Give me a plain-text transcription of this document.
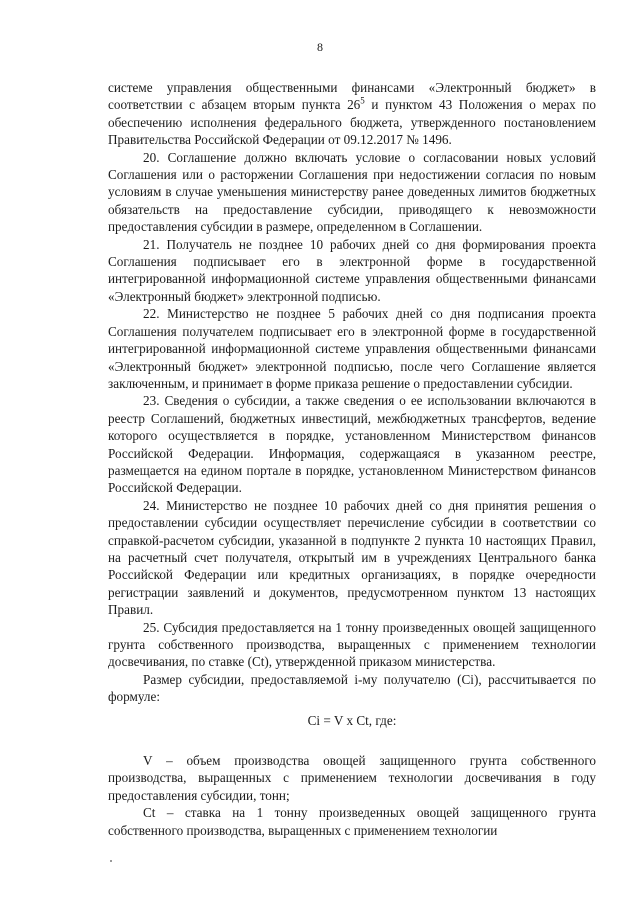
8

системе управления общественными финансами «Электронный бюджет» в соответствии с абзацем вторым пункта $26^5$ и пунктом 43 Положения о мерах по обеспечению исполнения федерального бюджета, утвержденного постановлением Правительства Российской Федерации от 09.12.2017 № 1496.

20. Соглашение должно включать условие о согласовании новых условий Соглашения или о расторжении Соглашения при недостижении согласия по новым условиям в случае уменьшения министерству ранее доведенных лимитов бюджетных обязательств на предоставление субсидии, приводящего к невозможности предоставления субсидии в размере, определенном в Соглашении.

21. Получатель не позднее 10 рабочих дней со дня формирования проекта Соглашения подписывает его в электронной форме в государственной интегрированной информационной системе управления общественными финансами «Электронный бюджет» электронной подписью.

22. Министерство не позднее 5 рабочих дней со дня подписания проекта Соглашения получателем подписывает его в электронной форме в государственной интегрированной информационной системе управления общественными финансами «Электронный бюджет» электронной подписью, после чего Соглашение является заключенным, и принимает в форме приказа решение о предоставлении субсидии.

23. Сведения о субсидии, а также сведения о ее использовании включаются в реестр Соглашений, бюджетных инвестиций, межбюджетных трансфертов, ведение которого осуществляется в порядке, установленном Министерством финансов Российской Федерации. Информация, содержащаяся в указанном реестре, размещается на едином портале в порядке, установленном Министерством финансов Российской Федерации.

24. Министерство не позднее 10 рабочих дней со дня принятия решения о предоставлении субсидии осуществляет перечисление субсидии в соответствии со справкой-расчетом субсидии, указанной в подпункте 2 пункта 10 настоящих Правил, на расчетный счет получателя, открытый им в учреждениях Центрального банка Российской Федерации или кредитных организациях, в порядке очередности регистрации заявлений и документов, предусмотренном пунктом 13 настоящих Правил.

25. Субсидия предоставляется на 1 тонну произведенных овощей защищенного грунта собственного производства, выращенных с применением технологии досвечивания, по ставке (Ct), утвержденной приказом министерства.

Размер субсидии, предоставляемой i-му получателю (Ci), рассчитывается по формуле:

Ci = V x Ct, где:

V – объем производства овощей защищенного грунта собственного производства, выращенных с применением технологии досвечивания в году предоставления субсидии, тонн;

Ct – ставка на 1 тонну произведенных овощей защищенного грунта собственного производства, выращенных с применением технологии
